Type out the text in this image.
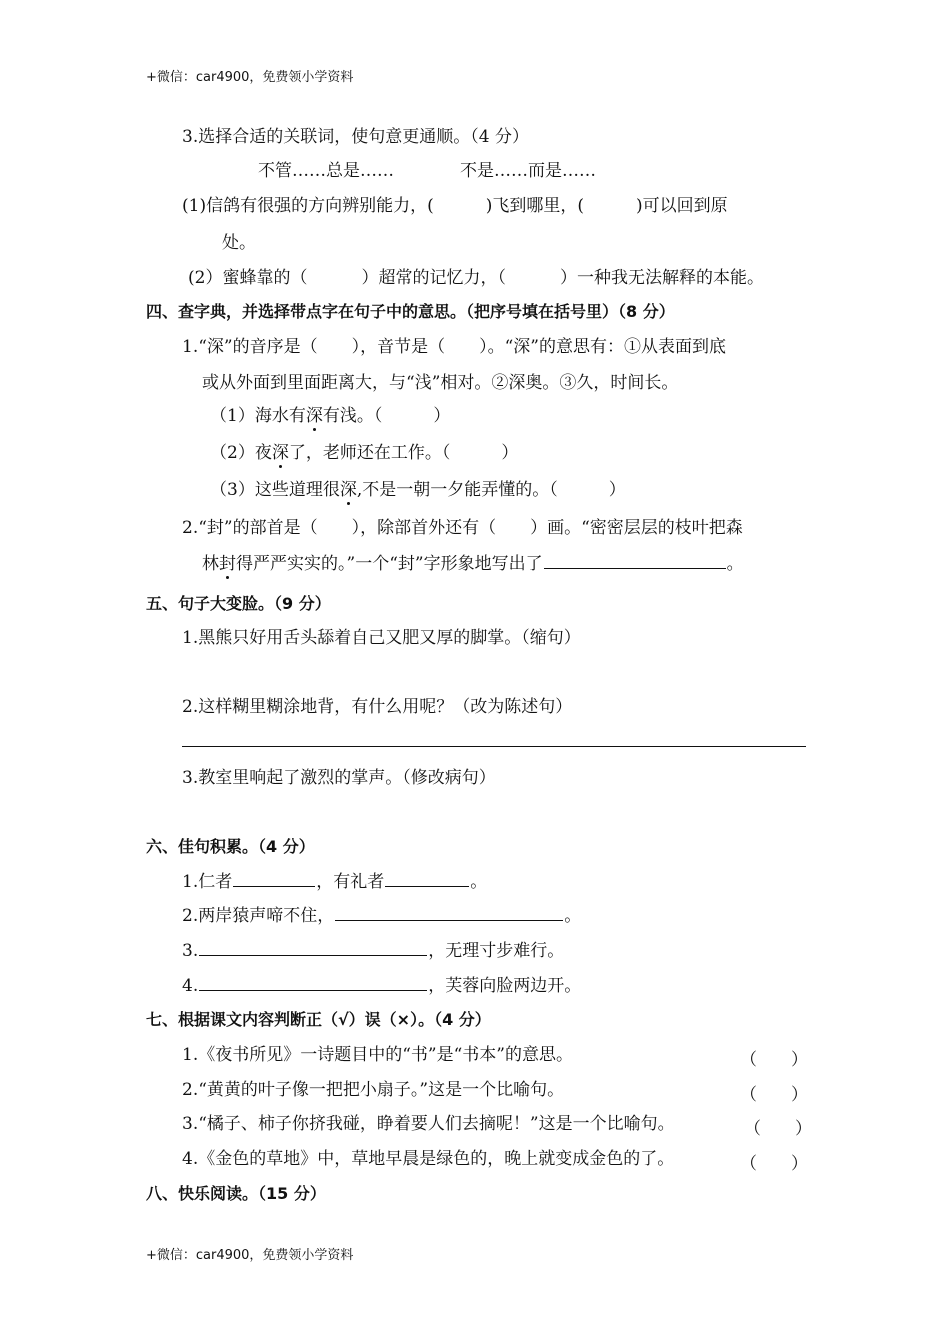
+微信：car4900，免费领小学资料
3.选择合适的关联词，使句意更通顺。（4 分）
不管……总是……	不是……而是……
(1)信鸽有很强的方向辨别能力，(	)飞到哪里，(	)可以回到原
处。
(2）蜜蜂靠的（	）超常的记忆力，（	）一种我无法解释的本能。
四、查字典，并选择带点字在句子中的意思。（把序号填在括号里）（8 分）
1.“深”的音序是（　　），音节是（　　）。“深”的意思有：①从表面到底
或从外面到里面距离大，与“浅”相对。②深奥。③久，时间长。
（1）海水有深有浅。（　　　）
（2）夜深了，老师还在工作。（　　　）
（3）这些道理很深,不是一朝一夕能弄懂的。（　　　）
2.“封”的部首是（　　），除部首外还有（　　）画。“密密层层的枝叶把森
林封得严严实实的。”一个“封”字形象地写出了	。
五、句子大变脸。（9 分）
1.黑熊只好用舌头舔着自己又肥又厚的脚掌。（缩句）
2.这样糊里糊涂地背，有什么用呢？（改为陈述句）
3.教室里响起了激烈的掌声。（修改病句）
六、佳句积累。（4 分）
1.仁者	，有礼者	。
2.两岸猿声啼不住，	。
3.	，无理寸步难行。
4.	，芙蓉向脸两边开。
七、根据课文内容判断正（√）误（×）。（4 分）
1.《夜书所见》一诗题目中的“书”是“书本”的意思。	（　　）
2.“黄黄的叶子像一把把小扇子。”这是一个比喻句。	（　　）
3.“橘子、柿子你挤我碰，睁着要人们去摘呢！”这是一个比喻句。	（　　）
4.《金色的草地》中，草地早晨是绿色的，晚上就变成金色的了。	（　　）
八、快乐阅读。（15 分）
+微信：car4900，免费领小学资料
